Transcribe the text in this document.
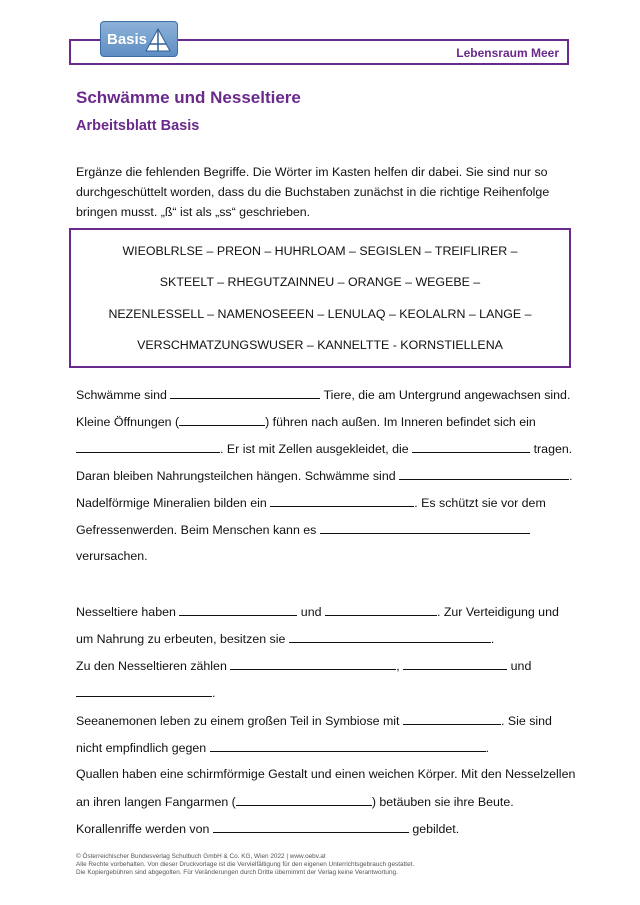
Lebensraum Meer
Basis
Schwämme und Nesseltiere
Arbeitsblatt Basis
Ergänze die fehlenden Begriffe. Die Wörter im Kasten helfen dir dabei. Sie sind nur so durchgeschüttelt worden, dass du die Buchstaben zunächst in die richtige Reihenfolge bringen musst. „ß“ ist als „ss“ geschrieben.
WIEOBLRLSE – PREON – HUHRLOAM – SEGISLEN – TREIFLIRER –
SKTEELT – RHEGUTZAINNEU – ORANGE – WEGEBE –
NEZENLESSELL – NAMENOSEEEN – LENULAQ – KEOLALRN – LANGE –
VERSCHMATZUNGSWUSER – KANNELTTE - KORNSTIELLENA
Schwämme sind	Tiere, die am Untergrund angewachsen sind.
Kleine Öffnungen (	) führen nach außen. Im Inneren befindet sich ein
. Er ist mit Zellen ausgekleidet, die	tragen.
Daran bleiben Nahrungsteilchen hängen. Schwämme sind	.
Nadelförmige Mineralien bilden ein	. Es schützt sie vor dem
Gefressenwerden. Beim Menschen kann es
verursachen.
Nesseltiere haben	und	. Zur Verteidigung und
um Nahrung zu erbeuten, besitzen sie	.
Zu den Nesseltieren zählen	,	und
.
Seeanemonen leben zu einem großen Teil in Symbiose mit	. Sie sind
nicht empfindlich gegen	.
Quallen haben eine schirmförmige Gestalt und einen weichen Körper. Mit den Nesselzellen
an ihren langen Fangarmen (	) betäuben sie ihre Beute.
Korallenriffe werden von	gebildet.
© Österreichischer Bundesverlag Schulbuch GmbH & Co. KG, Wien 2022 | www.oebv.at
Alle Rechte vorbehalten. Von dieser Druckvorlage ist die Vervielfältigung für den eigenen Unterrichtsgebrauch gestattet.
Die Kopiergebühren sind abgegolten. Für Veränderungen durch Dritte übernimmt der Verlag keine Verantwortung.
